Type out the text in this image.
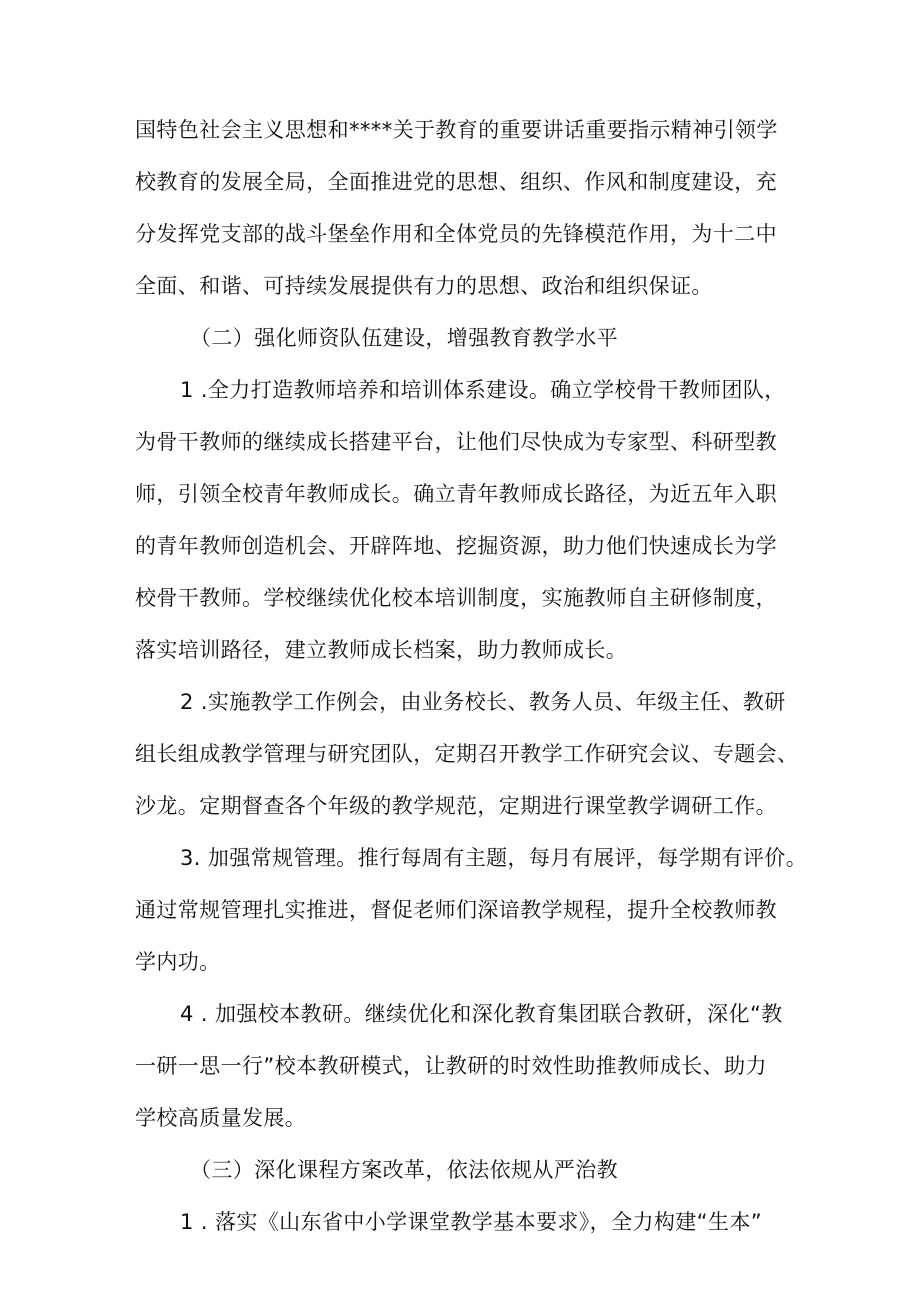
国特色社会主义思想和****关于教育的重要讲话重要指示精神引领学
校教育的发展全局，全面推进党的思想、组织、作风和制度建设，充
分发挥党支部的战斗堡垒作用和全体党员的先锋模范作用，为十二中
全面、和谐、可持续发展提供有力的思想、政治和组织保证。
（二）强化师资队伍建设，增强教育教学水平
1 .全力打造教师培养和培训体系建设。确立学校骨干教师团队，
为骨干教师的继续成长搭建平台，让他们尽快成为专家型、科研型教
师，引领全校青年教师成长。确立青年教师成长路径，为近五年入职
的青年教师创造机会、开辟阵地、挖掘资源，助力他们快速成长为学
校骨干教师。学校继续优化校本培训制度，实施教师自主研修制度，
落实培训路径，建立教师成长档案，助力教师成长。
2 .实施教学工作例会，由业务校长、教务人员、年级主任、教研
组长组成教学管理与研究团队，定期召开教学工作研究会议、专题会、
沙龙。定期督查各个年级的教学规范，定期进行课堂教学调研工作。
3. 加强常规管理。推行每周有主题，每月有展评，每学期有评价。
通过常规管理扎实推进，督促老师们深谙教学规程，提升全校教师教
学内功。
4 . 加强校本教研。继续优化和深化教育集团联合教研，深化“教
一研一思一行”校本教研模式，让教研的时效性助推教师成长、助力
学校高质量发展。
（三）深化课程方案改革，依法依规从严治教
1 . 落实《山东省中小学课堂教学基本要求》，全力构建“生本”
